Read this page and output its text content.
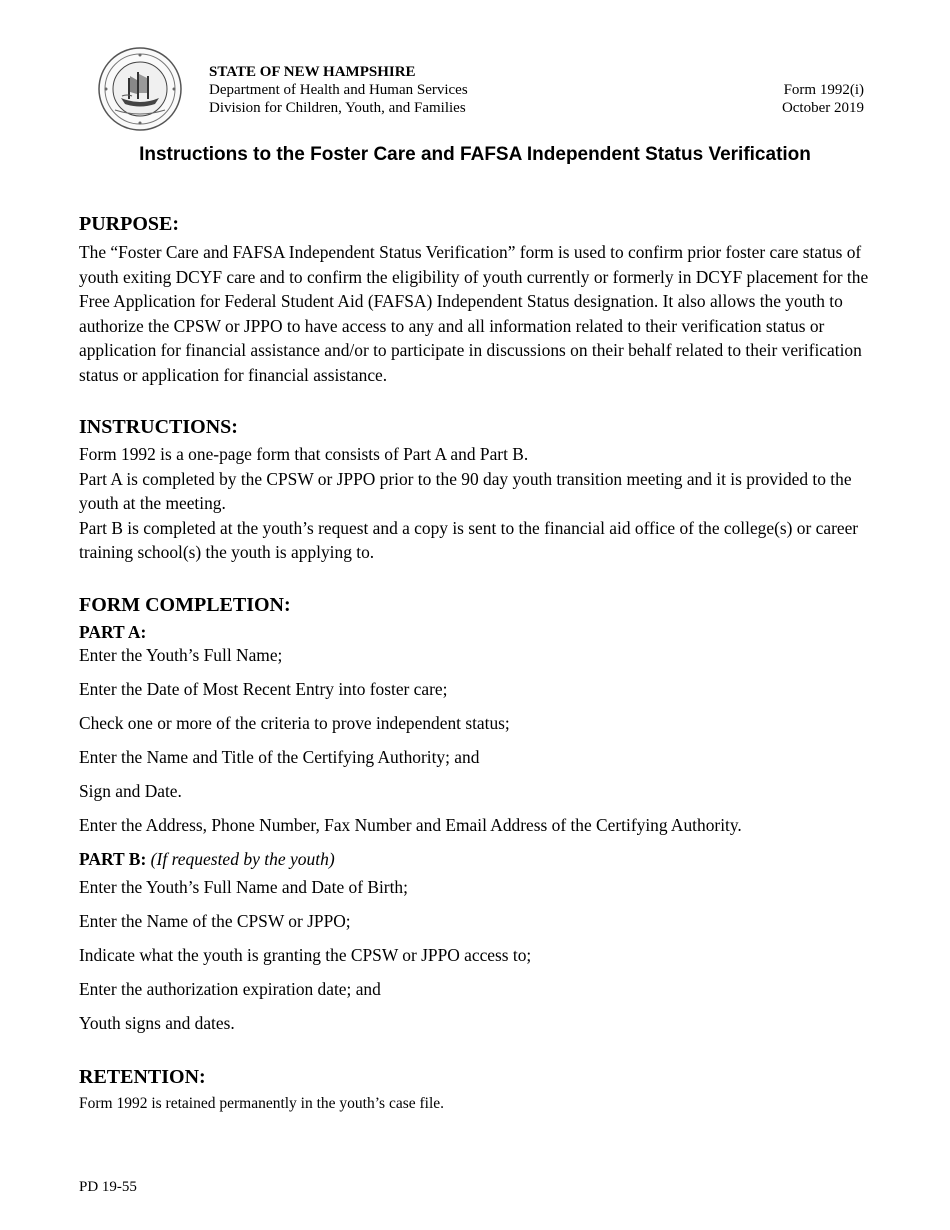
STATE OF NEW HAMPSHIRE
Department of Health and Human Services
Division for Children, Youth, and Families
Form 1992(i)
October 2019
Instructions to the Foster Care and FAFSA Independent Status Verification
PURPOSE:

The “Foster Care and FAFSA Independent Status Verification” form is used to confirm prior foster care status of youth exiting DCYF care and to confirm the eligibility of youth currently or formerly in DCYF placement for the Free Application for Federal Student Aid (FAFSA) Independent Status designation. It also allows the youth to authorize the CPSW or JPPO to have access to any and all information related to their verification status or application for financial assistance and/or to participate in discussions on their behalf related to their verification status or application for financial assistance.

INSTRUCTIONS:

Form 1992 is a one-page form that consists of Part A and Part B.

Part A is completed by the CPSW or JPPO prior to the 90 day youth transition meeting and it is provided to the youth at the meeting.

Part B is completed at the youth’s request and a copy is sent to the financial aid office of the college(s) or career training school(s) the youth is applying to.

FORM COMPLETION:
PART A:
Enter the Youth’s Full Name;
Enter the Date of Most Recent Entry into foster care;
Check one or more of the criteria to prove independent status;
Enter the Name and Title of the Certifying Authority; and
Sign and Date.
Enter the Address, Phone Number, Fax Number and Email Address of the Certifying Authority.
PART B: (If requested by the youth)
Enter the Youth’s Full Name and Date of Birth;
Enter the Name of the CPSW or JPPO;
Indicate what the youth is granting the CPSW or JPPO access to;
Enter the authorization expiration date; and
Youth signs and dates.
RETENTION:
Form 1992 is retained permanently in the youth’s case file.
PD 19-55
